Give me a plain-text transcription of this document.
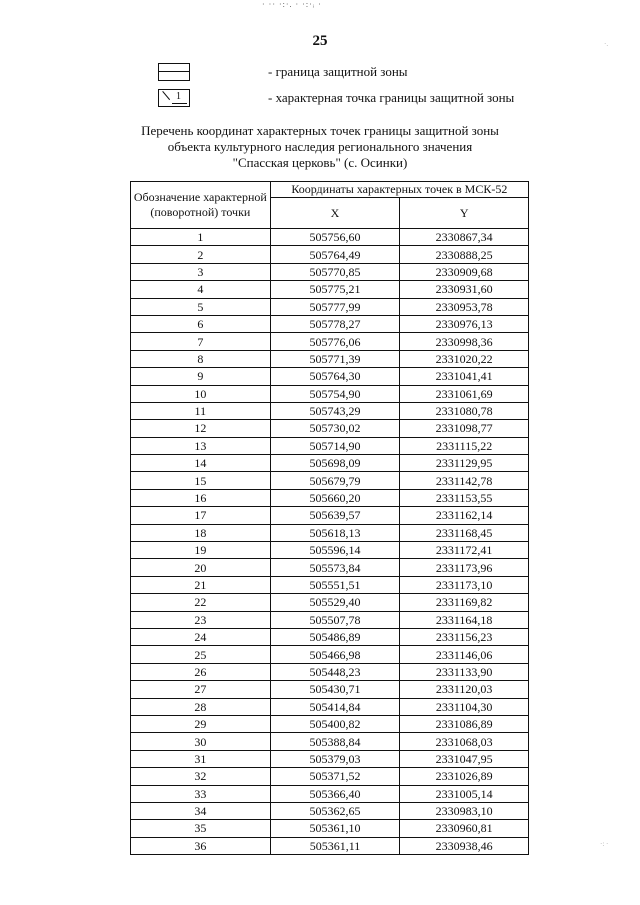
· ·· ·:·. · ·:·ᵢ ·
25
- граница защитной зоны
1	- характерная точка границы защитной зоны
Перечень координат характерных точек границы защитной зоны
объекта культурного наследия регионального значения
"Спасская церковь" (с. Осинки)
Обозначение характерной (поворотной) точки	Координаты характерных точек в МСК-52	
	X	Y
1	505756,60	2330867,34
2	505764,49	2330888,25
3	505770,85	2330909,68
4	505775,21	2330931,60
5	505777,99	2330953,78
6	505778,27	2330976,13
7	505776,06	2330998,36
8	505771,39	2331020,22
9	505764,30	2331041,41
10	505754,90	2331061,69
11	505743,29	2331080,78
12	505730,02	2331098,77
13	505714,90	2331115,22
14	505698,09	2331129,95
15	505679,79	2331142,78
16	505660,20	2331153,55
17	505639,57	2331162,14
18	505618,13	2331168,45
19	505596,14	2331172,41
20	505573,84	2331173,96
21	505551,51	2331173,10
22	505529,40	2331169,82
23	505507,78	2331164,18
24	505486,89	2331156,23
25	505466,98	2331146,06
26	505448,23	2331133,90
27	505430,71	2331120,03
28	505414,84	2331104,30
29	505400,82	2331086,89
30	505388,84	2331068,03
31	505379,03	2331047,95
32	505371,52	2331026,89
33	505366,40	2331005,14
34	505362,65	2330983,10
35	505361,10	2330960,81
36	505361,11	2330938,46
·.
·: ·
